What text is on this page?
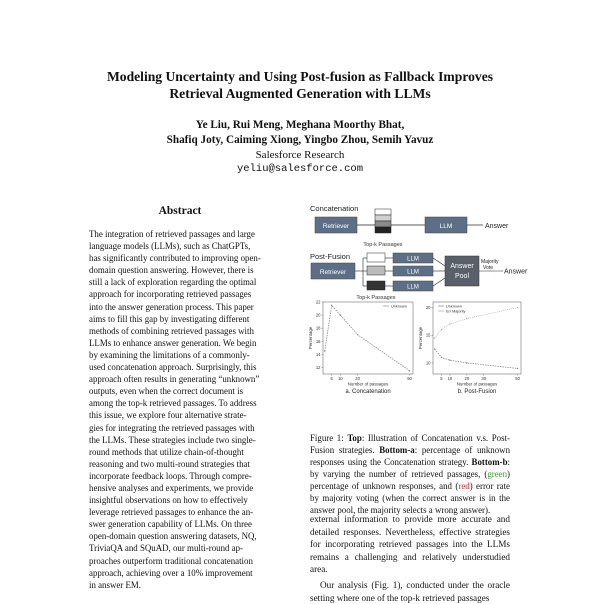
Modeling Uncertainty and Using Post-fusion as Fallback Improves
Retrieval Augmented Generation with LLMs
Ye Liu, Rui Meng, Meghana Moorthy Bhat,
Shafiq Joty, Caiming Xiong, Yingbo Zhou, Semih Yavuz
Salesforce Research
yeliu@salesforce.com
Abstract

The integration of retrieved passages and large

language models (LLMs), such as ChatGPTs,

has significantly contributed to improving open-

domain question answering. However, there is

still a lack of exploration regarding the optimal

approach for incorporating retrieved passages

into the answer generation process. This paper

aims to fill this gap by investigating different

methods of combining retrieved passages with

LLMs to enhance answer generation. We begin

by examining the limitations of a commonly-

used concatenation approach. Surprisingly, this

approach often results in generating “unknown”

outputs, even when the correct document is

among the top-k retrieved passages. To address

this issue, we explore four alternative strate-

gies for integrating the retrieved passages with

the LLMs. These strategies include two single-

round methods that utilize chain-of-thought

reasoning and two multi-round strategies that

incorporate feedback loops. Through compre-

hensive analyses and experiments, we provide

insightful observations on how to effectively

leverage retrieved passages to enhance the an-

swer generation capability of LLMs. On three

open-domain question answering datasets, NQ,

TriviaQA and SQuAD, our multi-round ap-

proaches outperform traditional concatenation

approach, achieving over a 10% improvement

in answer EM.

Concatenation
Retriever	LLM	Answer
Top-k Passages
Post-Fusion
Retriever
LLM
LLM
LLM
Answer
Pool
Majority
Vote
Answer
Top-k Passages
12
14
16
18
20
22
5 10	20	50
Unknown
Number of passages
Percentage
a. Concatenation
10
15
20
5 10	20	30	50
Unknown
Err Majority
Number of passages
Percentage
b. Post-Fusion
Figure 1: Top: Illustration of Concatenation v.s. Post-Fusion strategies. Bottom-a: percentage of unknown responses using the Concatenation strategy. Bottom-b: by varying the number of retrieved passages, (green) percentage of unknown responses, and (red) error rate by majority voting (when the correct answer is in the answer pool, the majority selects a wrong answer).

external information to provide more accurate and detailed responses. Nevertheless, effective strategies for incorporating retrieved passages into the LLMs remains a challenging and relatively understudied area.

Our analysis (Fig. 1), conducted under the oracle setting where one of the top-k retrieved passages
